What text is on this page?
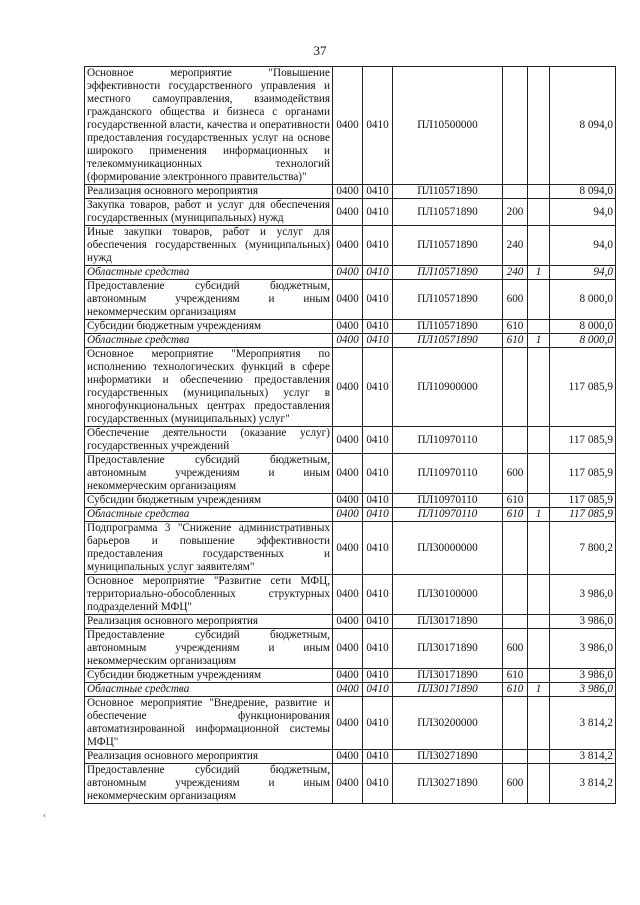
37
‹
Основное мероприятие "Повышение эффективности государственного управления и местного самоуправления, взаимодействия гражданского общества и бизнеса с органами государственной власти, качества и оперативности предоставления государственных услуг на основе широкого применения информационных и телекоммуникационных технологий (формирование электронного правительства)"	0400	0410	ПЛ10500000			8 094,0
Реализация основного мероприятия	0400	0410	ПЛ10571890			8 094,0
Закупка товаров, работ и услуг для обеспечения государственных (муниципальных) нужд	0400	0410	ПЛ10571890	200		94,0
Иные закупки товаров, работ и услуг для обеспечения государственных (муниципальных) нужд	0400	0410	ПЛ10571890	240		94,0
Областные средства	0400	0410	ПЛ10571890	240	1	94,0
Предоставление субсидий бюджетным, автономным учреждениям и иным некоммерческим организациям	0400	0410	ПЛ10571890	600		8 000,0
Субсидии бюджетным учреждениям	0400	0410	ПЛ10571890	610		8 000,0
Областные средства	0400	0410	ПЛ10571890	610	1	8 000,0
Основное мероприятие "Мероприятия по исполнению технологических функций в сфере информатики и обеспечению предоставления государственных (муниципальных) услуг в многофункциональных центрах предоставления государственных (муниципальных) услуг"	0400	0410	ПЛ10900000			117 085,9
Обеспечение деятельности (оказание услуг) государственных учреждений	0400	0410	ПЛ10970110			117 085,9
Предоставление субсидий бюджетным, автономным учреждениям и иным некоммерческим организациям	0400	0410	ПЛ10970110	600		117 085,9
Субсидии бюджетным учреждениям	0400	0410	ПЛ10970110	610		117 085,9
Областные средства	0400	0410	ПЛ10970110	610	1	117 085,9
Подпрограмма 3 "Снижение административных барьеров и повышение эффективности предоставления государственных и муниципальных услуг заявителям"	0400	0410	ПЛ30000000			7 800,2
Основное мероприятие "Развитие сети МФЦ, территориально-обособленных структурных подразделений МФЦ"	0400	0410	ПЛ30100000			3 986,0
Реализация основного мероприятия	0400	0410	ПЛ30171890			3 986,0
Предоставление субсидий бюджетным, автономным учреждениям и иным некоммерческим организациям	0400	0410	ПЛ30171890	600		3 986,0
Субсидии бюджетным учреждениям	0400	0410	ПЛ30171890	610		3 986,0
Областные средства	0400	0410	ПЛ30171890	610	1	3 986,0
Основное мероприятие "Внедрение, развитие и обеспечение функционирования автоматизированной информационной системы МФЦ"	0400	0410	ПЛ30200000			3 814,2
Реализация основного мероприятия	0400	0410	ПЛ30271890			3 814,2
Предоставление субсидий бюджетным, автономным учреждениям и иным некоммерческим организациям	0400	0410	ПЛ30271890	600		3 814,2
